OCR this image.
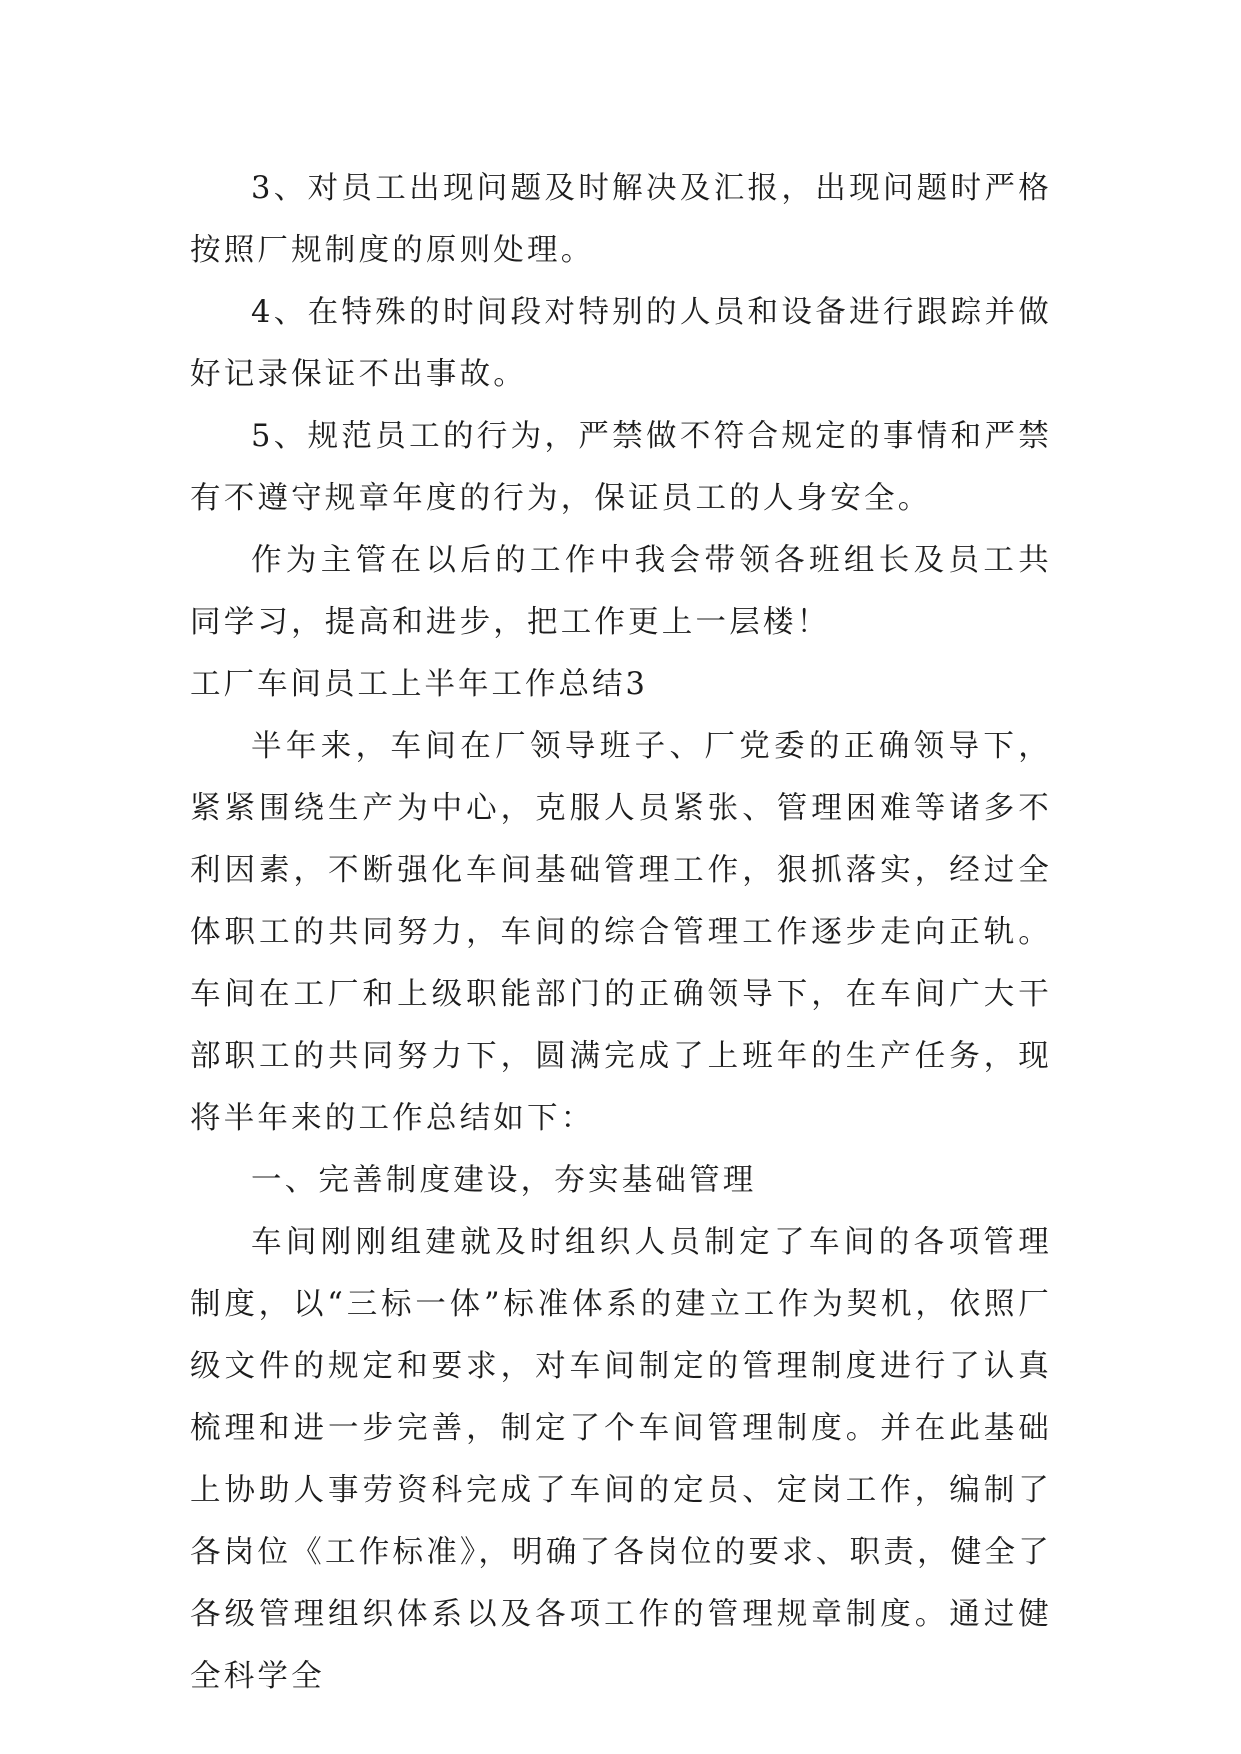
3、对员工出现问题及时解决及汇报，出现问题时严格按照厂规制度的原则处理。

4、在特殊的时间段对特别的人员和设备进行跟踪并做好记录保证不出事故。

5、规范员工的行为，严禁做不符合规定的事情和严禁有不遵守规章年度的行为，保证员工的人身安全。

作为主管在以后的工作中我会带领各班组长及员工共同学习，提高和进步，把工作更上一层楼！

工厂车间员工上半年工作总结3

半年来，车间在厂领导班子、厂党委的正确领导下，紧紧围绕生产为中心，克服人员紧张、管理困难等诸多不利因素，不断强化车间基础管理工作，狠抓落实，经过全体职工的共同努力，车间的综合管理工作逐步走向正轨。车间在工厂和上级职能部门的正确领导下，在车间广大干部职工的共同努力下，圆满完成了上班年的生产任务，现将半年来的工作总结如下：

一、完善制度建设，夯实基础管理

车间刚刚组建就及时组织人员制定了车间的各项管理制度，以“三标一体”标准体系的建立工作为契机，依照厂级文件的规定和要求，对车间制定的管理制度进行了认真梳理和进一步完善，制定了个车间管理制度。并在此基础上协助人事劳资科完成了车间的定员、定岗工作，编制了各岗位《工作标准》，明确了各岗位的要求、职责，健全了各级管理组织体系以及各项工作的管理规章制度。通过健全科学全
